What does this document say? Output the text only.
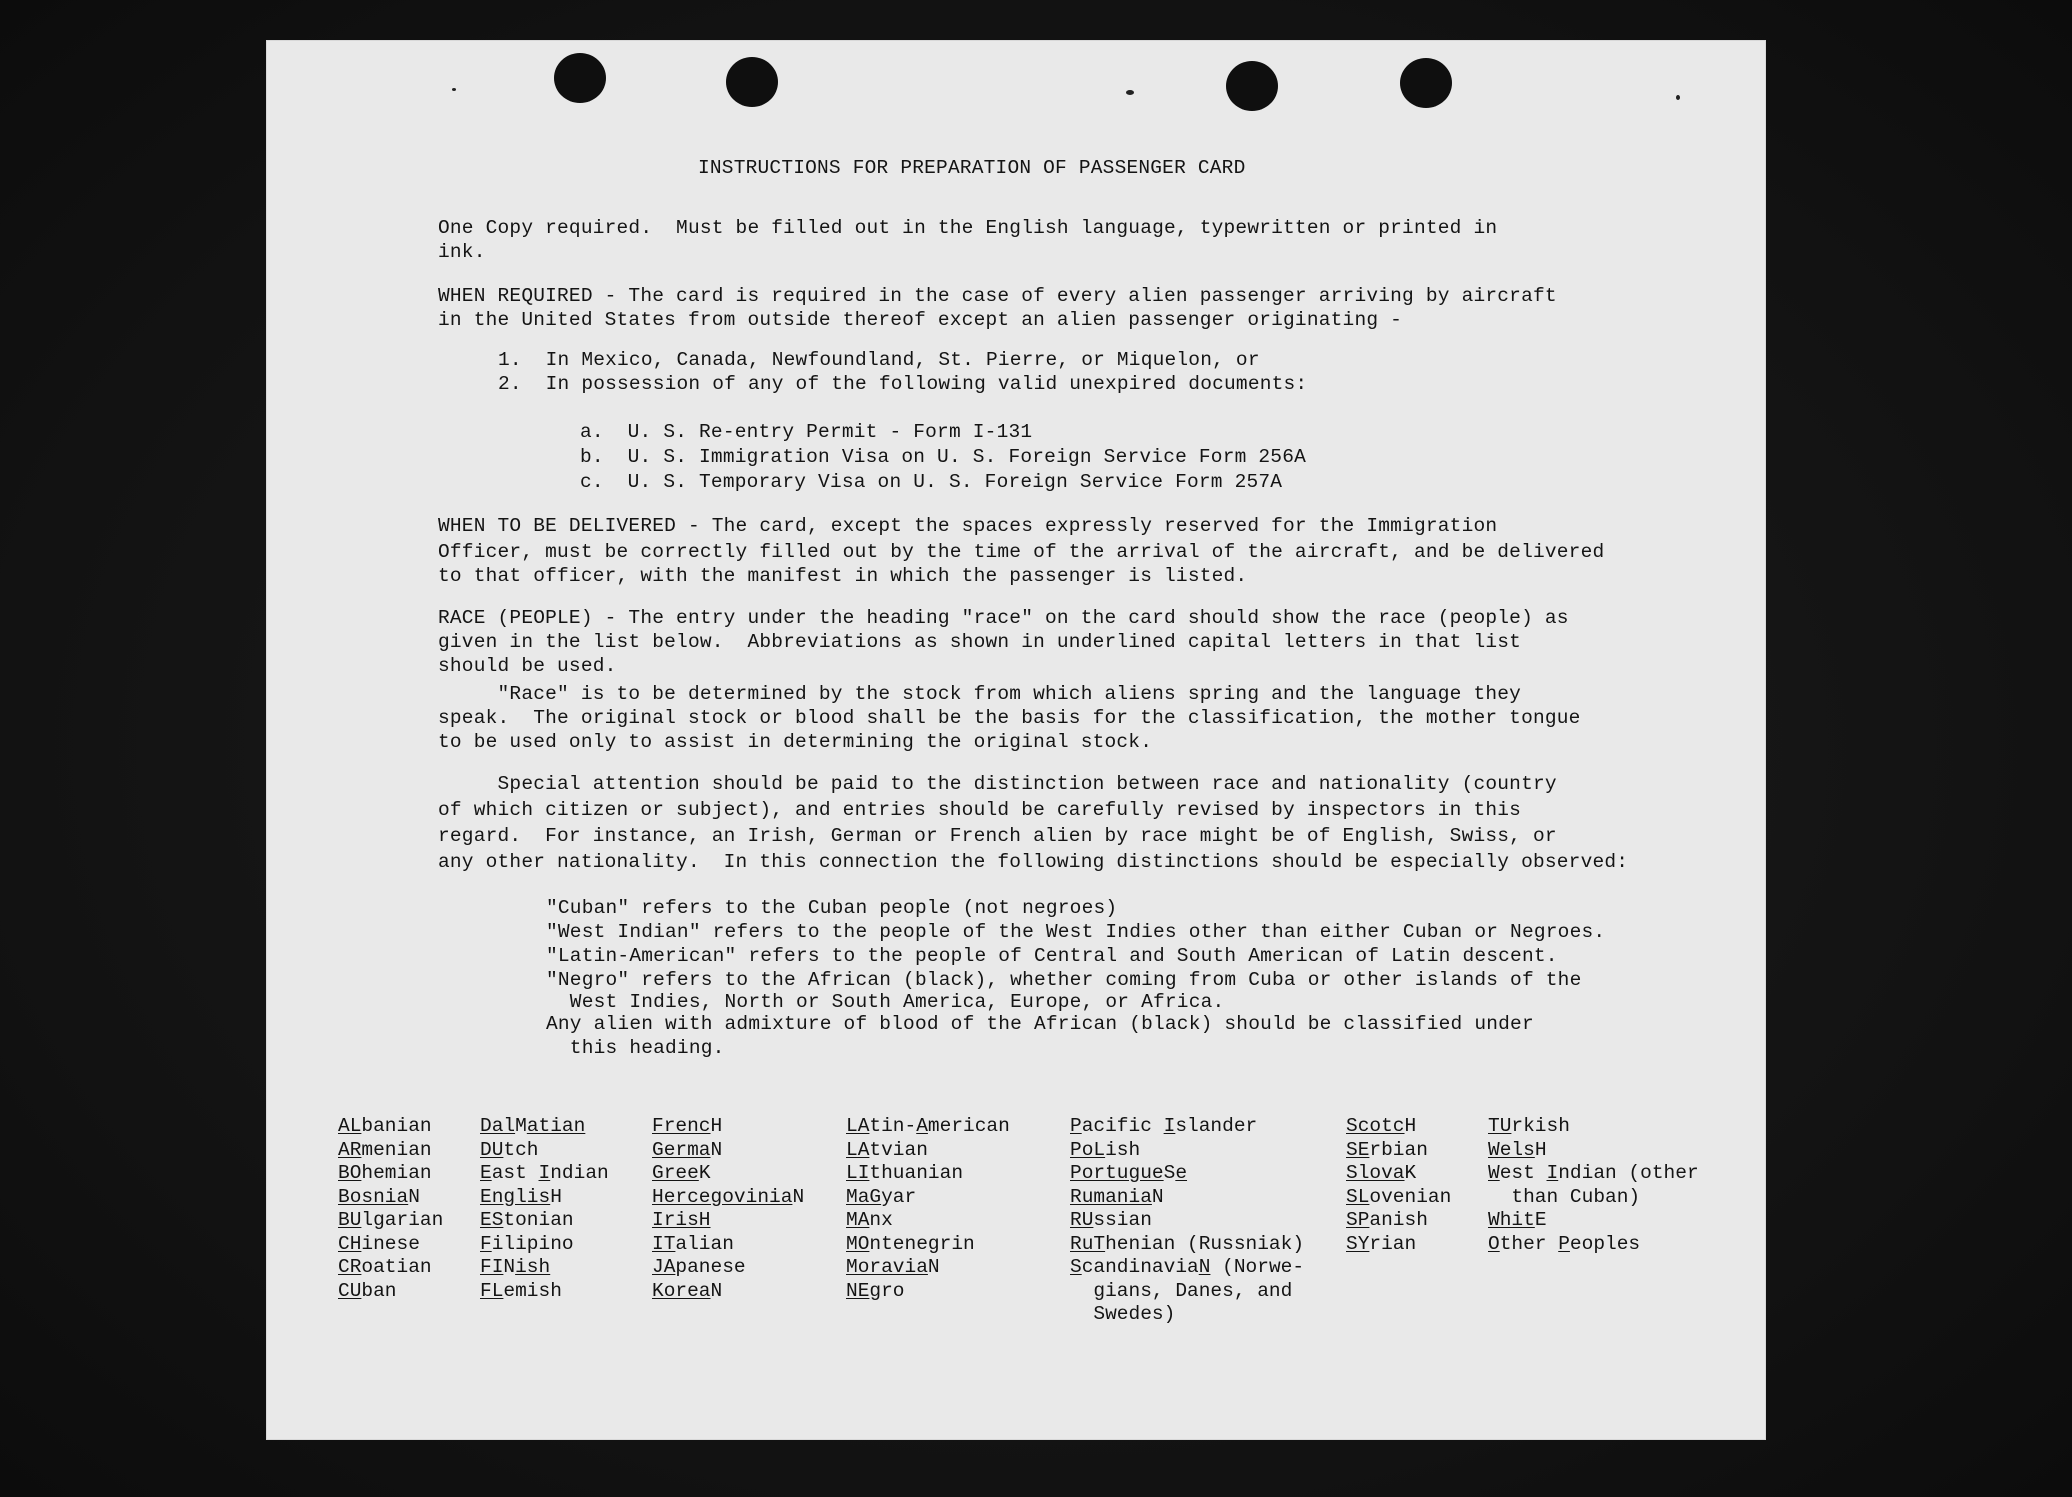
INSTRUCTIONS FOR PREPARATION OF PASSENGER CARD
One Copy required.  Must be filled out in the English language, typewritten or printed in
ink.
WHEN REQUIRED - The card is required in the case of every alien passenger arriving by aircraft
in the United States from outside thereof except an alien passenger originating -
1.  In Mexico, Canada, Newfoundland, St. Pierre, or Miquelon, or
2.  In possession of any of the following valid unexpired documents:
a.  U. S. Re-entry Permit - Form I-131
b.  U. S. Immigration Visa on U. S. Foreign Service Form 256A
c.  U. S. Temporary Visa on U. S. Foreign Service Form 257A
WHEN TO BE DELIVERED - The card, except the spaces expressly reserved for the Immigration
Officer, must be correctly filled out by the time of the arrival of the aircraft, and be delivered
to that officer, with the manifest in which the passenger is listed.
RACE (PEOPLE) - The entry under the heading "race" on the card should show the race (people) as
given in the list below.  Abbreviations as shown in underlined capital letters in that list
should be used.
"Race" is to be determined by the stock from which aliens spring and the language they
speak.  The original stock or blood shall be the basis for the classification, the mother tongue
to be used only to assist in determining the original stock.
Special attention should be paid to the distinction between race and nationality (country
of which citizen or subject), and entries should be carefully revised by inspectors in this
regard.  For instance, an Irish, German or French alien by race might be of English, Swiss, or
any other nationality.  In this connection the following distinctions should be especially observed:
"Cuban" refers to the Cuban people (not negroes)
"West Indian" refers to the people of the West Indies other than either Cuban or Negroes.
"Latin-American" refers to the people of Central and South American of Latin descent.
"Negro" refers to the African (black), whether coming from Cuba or other islands of the
West Indies, North or South America, Europe, or Africa.
Any alien with admixture of blood of the African (black) should be classified under
this heading.
ALbanian
ARmenian
BOhemian
BosniaN
BUlgarian
CHinese
CRoatian
CUban
DalMatian
DUtch
East Indian
EnglisH
EStonian
Filipino
FINish
FLemish
FrencH
GermaN
GreeK
HercegoviniaN
IrisH
ITalian
JApanese
KoreaN
LAtin-American
LAtvian
LIthuanian
MaGyar
MAnx
MOntenegrin
MoraviaN
NEgro
Pacific Islander
PoLish
PortugueSe
RumaniaN
RUssian
RuThenian (Russniak)
ScandinaviaN (Norwe-
gians, Danes, and
Swedes)
ScotcH
SErbian
SlovaK
SLovenian
SPanish
SYrian
TUrkish
WelsH
West Indian (other
than Cuban)
WhitE
Other Peoples
